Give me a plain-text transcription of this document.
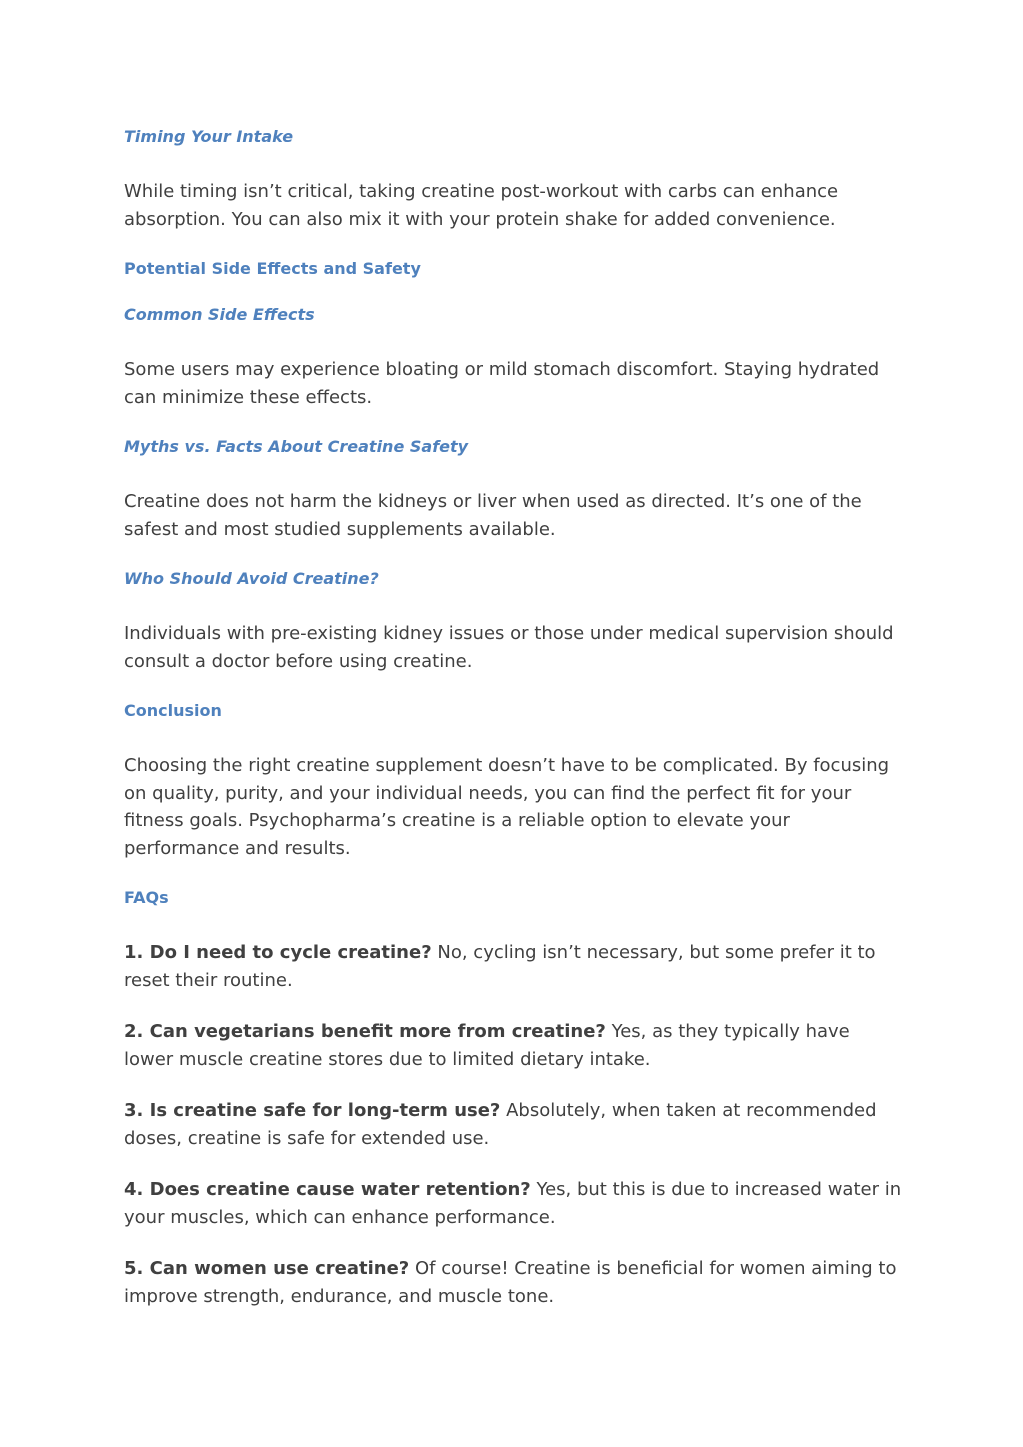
Timing Your Intake

While timing isn’t critical, taking creatine post-workout with carbs can enhance absorption. You can also mix it with your protein shake for added convenience.

Potential Side Effects and Safety
Common Side Effects

Some users may experience bloating or mild stomach discomfort. Staying hydrated can minimize these effects.

Myths vs. Facts About Creatine Safety

Creatine does not harm the kidneys or liver when used as directed. It’s one of the safest and most studied supplements available.

Who Should Avoid Creatine?

Individuals with pre-existing kidney issues or those under medical supervision should consult a doctor before using creatine.

Conclusion

Choosing the right creatine supplement doesn’t have to be complicated. By focusing on quality, purity, and your individual needs, you can find the perfect fit for your fitness goals. Psychopharma’s creatine is a reliable option to elevate your performance and results.

FAQs

1. Do I need to cycle creatine? No, cycling isn’t necessary, but some prefer it to reset their routine.

2. Can vegetarians benefit more from creatine? Yes, as they typically have lower muscle creatine stores due to limited dietary intake.

3. Is creatine safe for long-term use? Absolutely, when taken at recommended doses, creatine is safe for extended use.

4. Does creatine cause water retention? Yes, but this is due to increased water in your muscles, which can enhance performance.

5. Can women use creatine? Of course! Creatine is beneficial for women aiming to improve strength, endurance, and muscle tone.
